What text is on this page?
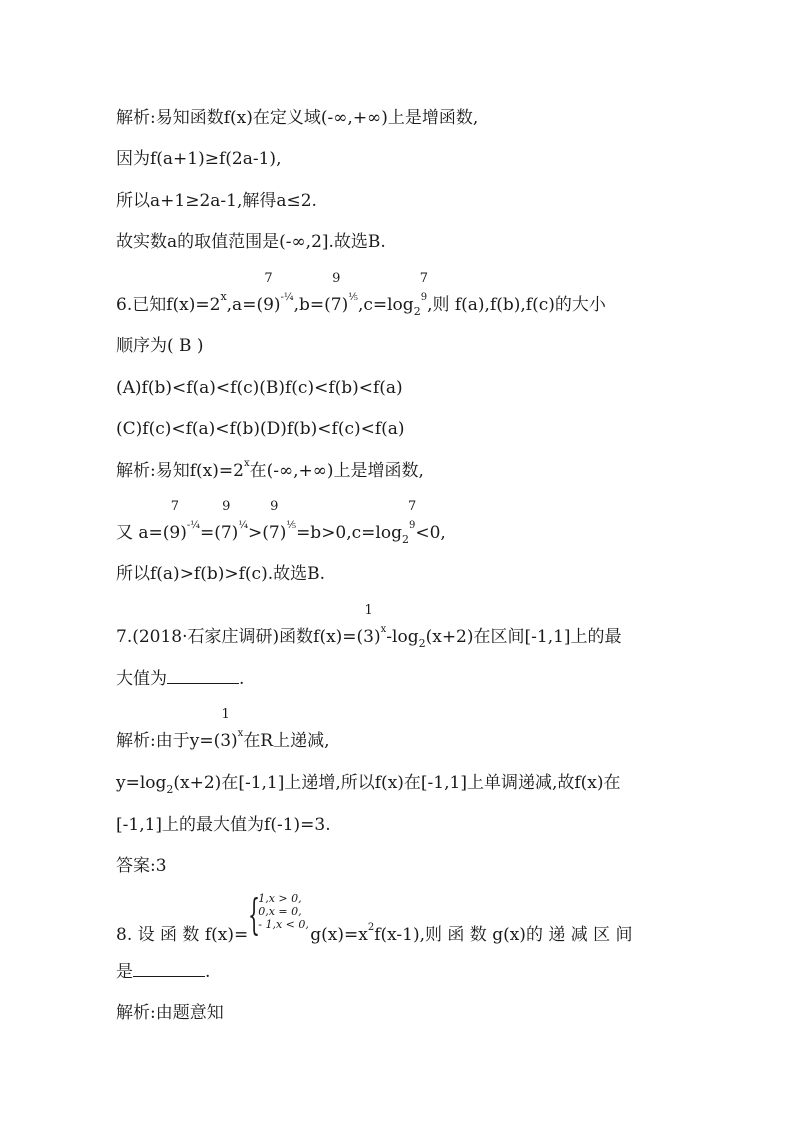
解析:易知函数f(x)在定义域(-∞,+∞)上是增函数,
因为f(a+1)≥f(2a-1),
所以a+1≥2a-1,解得a≤2.
故实数a的取值范围是(-∞,2].故选B.
6.已知$f(x)=2^x,a=$
7
$(9)^{-\frac{1}{4}},b=$
9
$(7)^{\frac{1}{5}},c=\log_2$
7
$^9$,则 f(a),f(b),f(c)的大小
顺序为( B )
(A)f(b)<f(a)<f(c)(B)f(c)<f(b)<f(a)
(C)f(c)<f(a)<f(b)(D)f(b)<f(c)<f(a)
解析:易知$f(x)=2^x$在(-∞,+∞)上是增函数,
又 a=
7
$(9)^{-\frac{1}{4}}=$
9
$(7)^{\frac{1}{4}}>$
9
$(7)^{\frac{1}{5}}=b>0,c=\log_2$
7
$^9$<0,
所以f(a)>f(b)>f(c).故选B.
7.(2018·石家庄调研)函数f(x)=
1
$(3)^x-\log_2(x+2)$在区间[-1,1]上的最
大值为	.
解析:由于y=
1
$(3)^x$在R上递减,
$y=\log_2(x+2)$在[-1,1]上递增,所以f(x)在[-1,1]上单调递减,故f(x)在
[-1,1]上的最大值为f(-1)=3.
答案:3
8. 设 函 数 f(x)= {
1,x > 0,
0,x = 0,
- 1,x < 0,
$g(x)=x^2f(x-1)$,则 函 数 g(x)的 递 减 区 间
是	.
解析:由题意知
